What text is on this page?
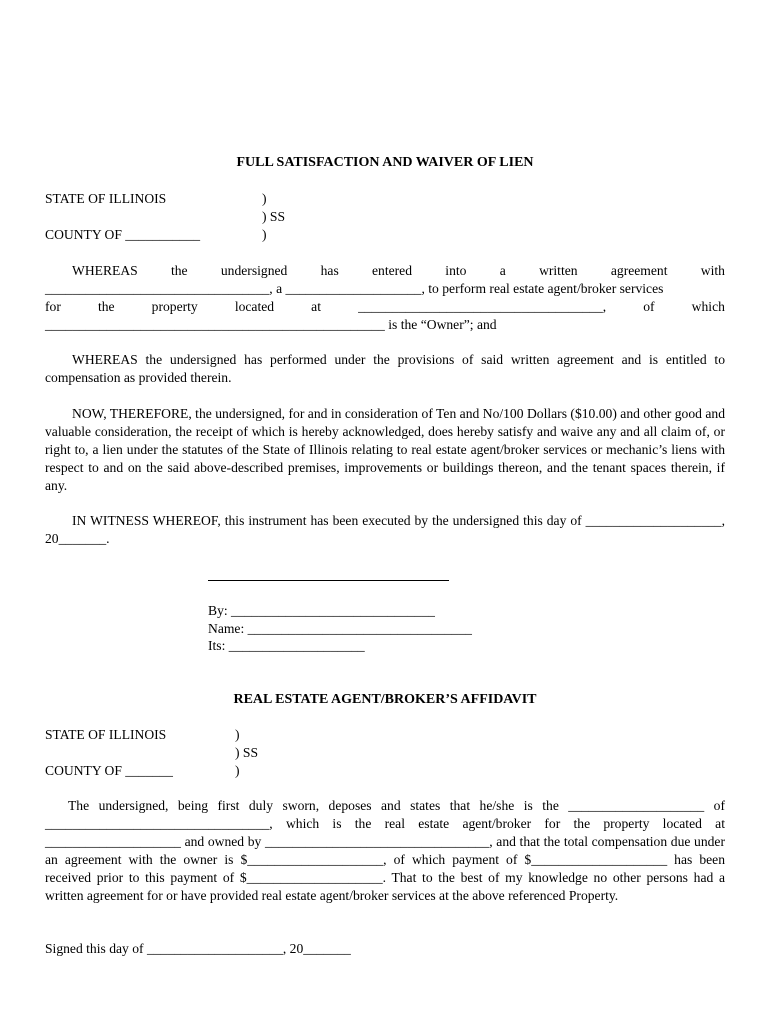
FULL SATISFACTION AND WAIVER OF LIEN
STATE OF ILLINOIS	)
) SS
)
COUNTY OF ___________
WHEREAS the undersigned has entered into a written agreement with
_________________________________, a ____________________, to perform real estate agent/broker services
for	the	property	located	at	____________________________________,	of	which
__________________________________________________ is the “Owner”; and
WHEREAS the undersigned has performed under the provisions of said written agreement and is entitled to compensation as provided therein.
NOW, THEREFORE, the undersigned, for and in consideration of Ten and No/100 Dollars ($10.00) and other good and valuable consideration, the receipt of which is hereby acknowledged, does hereby satisfy and waive any and all claim of, or right to, a lien under the statutes of the State of Illinois relating to real estate agent/broker services or mechanic’s liens with respect to and on the said above-described premises, improvements or buildings thereon, and the tenant spaces therein, if any.
IN WITNESS WHEREOF, this instrument has been executed by the undersigned this day of ____________________, 20_______.
By: ______________________________
Name: _________________________________
Its: ____________________
REAL ESTATE AGENT/BROKER’S AFFIDAVIT
STATE OF ILLINOIS	)
) SS
)
COUNTY OF _______
The undersigned, being first duly sworn, deposes and states that he/she is the ____________________ of _________________________________, which is the real estate agent/broker for the property located at ____________________ and owned by _________________________________, and that the total compensation due under an agreement with the owner is $____________________, of which payment of $____________________ has been received prior to this payment of $____________________. That to the best of my knowledge no other persons had a written agreement for or have provided real estate agent/broker services at the above referenced Property.
Signed this day of ____________________, 20_______
